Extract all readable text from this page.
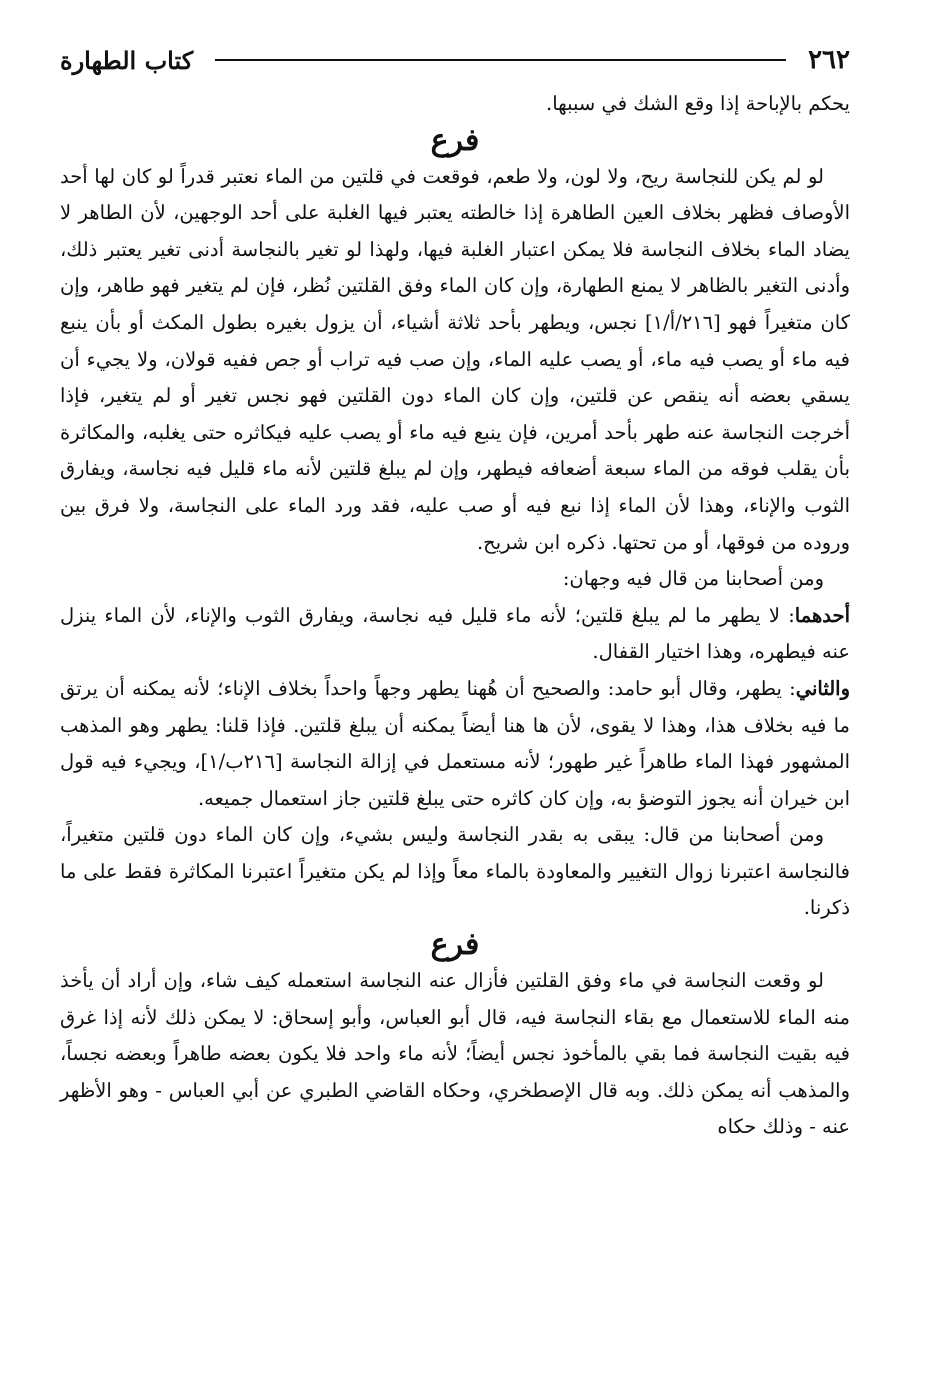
٢٦٢
كتاب الطهارة

يحكم بالإباحة إذا وقع الشك في سببها.

فرع

لو لم يكن للنجاسة ريح، ولا لون، ولا طعم، فوقعت في قلتين من الماء نعتبر قدراً لو كان لها أحد الأوصاف فظهر بخلاف العين الطاهرة إذا خالطته يعتبر فيها الغلبة على أحد الوجهين، لأن الطاهر لا يضاد الماء بخلاف النجاسة فلا يمكن اعتبار الغلبة فيها، ولهذا لو تغير بالنجاسة أدنى تغير يعتبر ذلك، وأدنى التغير بالظاهر لا يمنع الطهارة، وإن كان الماء وفق القلتين نُظر، فإن لم يتغير فهو طاهر، وإن كان متغيراً فهو [٢١٦/أ/١] نجس، ويطهر بأحد ثلاثة أشياء، أن يزول بغيره بطول المكث أو بأن ينبع فيه ماء أو يصب فيه ماء، أو يصب عليه الماء، وإن صب فيه تراب أو جص ففيه قولان، ولا يجيء أن يسقي بعضه أنه ينقص عن قلتين، وإن كان الماء دون القلتين فهو نجس تغير أو لم يتغير، فإذا أخرجت النجاسة عنه طهر بأحد أمرين، فإن ينبع فيه ماء أو يصب عليه فيكاثره حتى يغلبه، والمكاثرة بأن يقلب فوقه من الماء سبعة أضعافه فيطهر، وإن لم يبلغ قلتين لأنه ماء قليل فيه نجاسة، ويفارق الثوب والإناء، وهذا لأن الماء إذا نبع فيه أو صب عليه، فقد ورد الماء على النجاسة، ولا فرق بين وروده من فوقها، أو من تحتها. ذكره ابن شريح.

ومن أصحابنا من قال فيه وجهان:

أحدهما: لا يطهر ما لم يبلغ قلتين؛ لأنه ماء قليل فيه نجاسة، ويفارق الثوب والإناء، لأن الماء ينزل عنه فيطهره، وهذا اختيار القفال.

والثاني: يطهر، وقال أبو حامد: والصحيح أن هُهنا يطهر وجهاً واحداً بخلاف الإناء؛ لأنه يمكنه أن يرتق ما فيه بخلاف هذا، وهذا لا يقوى، لأن ها هنا أيضاً يمكنه أن يبلغ قلتين. فإذا قلنا: يطهر وهو المذهب المشهور فهذا الماء طاهراً غير طهور؛ لأنه مستعمل في إزالة النجاسة [٢١٦ب/١]، ويجيء فيه قول ابن خيران أنه يجوز التوضؤ به، وإن كان كاثره حتى يبلغ قلتين جاز استعمال جميعه.

ومن أصحابنا من قال: يبقى به بقدر النجاسة وليس بشيء، وإن كان الماء دون قلتين متغيراً، فالنجاسة اعتبرنا زوال التغيير والمعاودة بالماء معاً وإذا لم يكن متغيراً اعتبرنا المكاثرة فقط على ما ذكرنا.

فرع

لو وقعت النجاسة في ماء وفق القلتين فأزال عنه النجاسة استعمله كيف شاء، وإن أراد أن يأخذ منه الماء للاستعمال مع بقاء النجاسة فيه، قال أبو العباس، وأبو إسحاق: لا يمكن ذلك لأنه إذا غرق فيه بقيت النجاسة فما بقي بالمأخوذ نجس أيضاً؛ لأنه ماء واحد فلا يكون بعضه طاهراً وبعضه نجساً، والمذهب أنه يمكن ذلك. وبه قال الإصطخري، وحكاه القاضي الطبري عن أبي العباس - وهو الأظهر عنه - وذلك حكاه
